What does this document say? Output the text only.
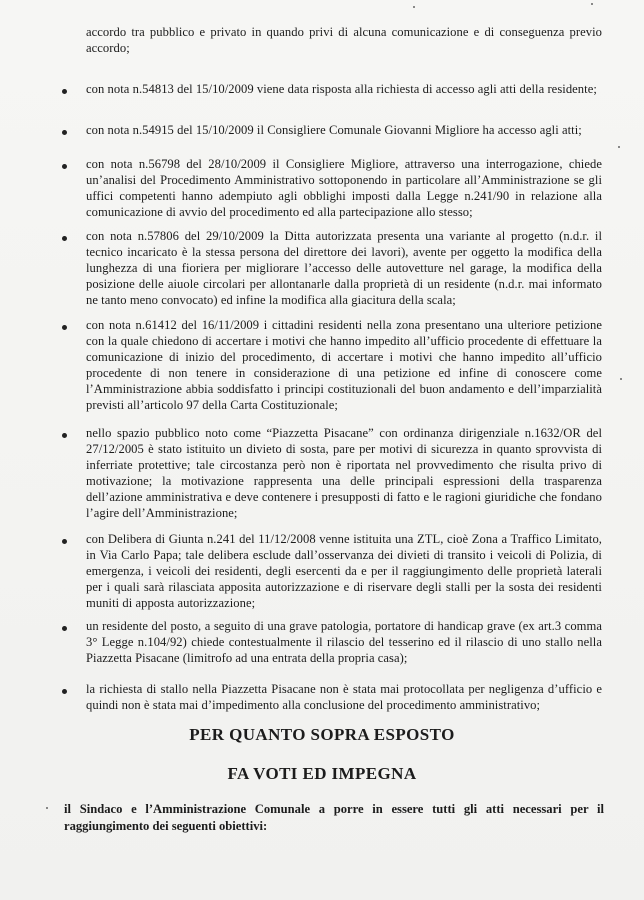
accordo tra pubblico e privato in quando privi di alcuna comunicazione e di conseguenza previo accordo;
con nota n.54813 del 15/10/2009 viene data risposta alla richiesta di accesso agli atti della residente;
con nota n.54915 del 15/10/2009 il Consigliere Comunale Giovanni Migliore ha accesso agli atti;
con nota n.56798 del 28/10/2009 il Consigliere Migliore, attraverso una interrogazione, chiede un’analisi del Procedimento Amministrativo sottoponendo in particolare all’Amministrazione se gli uffici competenti hanno adempiuto agli obblighi imposti dalla Legge n.241/90 in relazione alla comunicazione di avvio del procedimento ed alla partecipazione allo stesso;
con nota n.57806 del 29/10/2009 la Ditta autorizzata presenta una variante al progetto (n.d.r. il tecnico incaricato è la stessa persona del direttore dei lavori), avente per oggetto la modifica della lunghezza di una fioriera per migliorare l’accesso delle autovetture nel garage, la modifica della posizione delle aiuole circolari per allontanarle dalla proprietà di un residente (n.d.r. mai informato ne tanto meno convocato) ed infine la modifica alla giacitura della scala;
con nota n.61412 del 16/11/2009 i cittadini residenti nella zona presentano una ulteriore petizione con la quale chiedono di accertare i motivi che hanno impedito all’ufficio procedente di effettuare la comunicazione di inizio del procedimento, di accertare i motivi che hanno impedito all’ufficio procedente di non tenere in considerazione di una petizione ed infine di conoscere come l’Amministrazione abbia soddisfatto i principi costituzionali del buon andamento e dell’imparzialità previsti all’articolo 97 della Carta Costituzionale;
nello spazio pubblico noto come “Piazzetta Pisacane” con ordinanza dirigenziale n.1632/OR del 27/12/2005 è stato istituito un divieto di sosta, pare per motivi di sicurezza in quanto sprovvista di inferriate protettive; tale circostanza però non è riportata nel provvedimento che risulta privo di motivazione; la motivazione rappresenta una delle principali espressioni della trasparenza dell’azione amministrativa e deve contenere i presupposti di fatto e le ragioni giuridiche che fondano l’agire dell’Amministrazione;
con Delibera di Giunta n.241 del 11/12/2008 venne istituita una ZTL, cioè Zona a Traffico Limitato, in Via Carlo Papa; tale delibera esclude dall’osservanza dei divieti di transito i veicoli di Polizia, di emergenza, i veicoli dei residenti, degli esercenti da e per il raggiungimento delle proprietà laterali per i quali sarà rilasciata apposita autorizzazione e di riservare degli stalli per la sosta dei residenti muniti di apposta autorizzazione;
un residente del posto, a seguito di una grave patologia, portatore di handicap grave (ex art.3 comma 3° Legge n.104/92) chiede contestualmente il rilascio del tesserino ed il rilascio di uno stallo nella Piazzetta Pisacane (limitrofo ad una entrata della propria casa);
la richiesta di stallo nella Piazzetta Pisacane non è stata mai protocollata per negligenza d’ufficio e quindi non è stata mai d’impedimento alla conclusione del procedimento amministrativo;
PER QUANTO SOPRA ESPOSTO
FA VOTI ED IMPEGNA
il Sindaco e l’Amministrazione Comunale a porre in essere tutti gli atti necessari per il raggiungimento dei seguenti obiettivi:
